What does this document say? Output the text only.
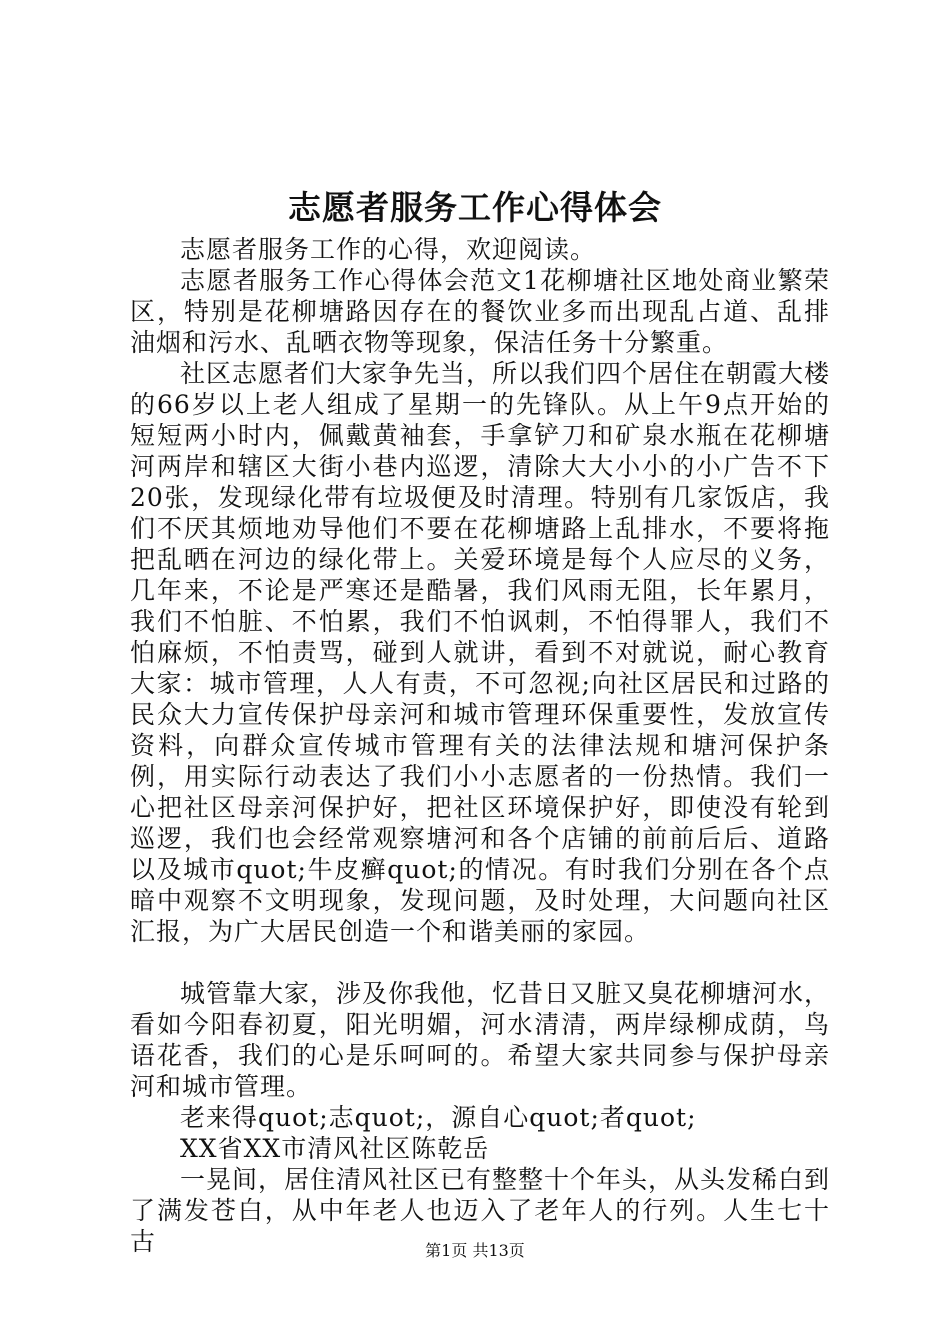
志愿者服务工作心得体会

志愿者服务工作的心得，欢迎阅读。

志愿者服务工作心得体会范文1花柳塘社区地处商业繁荣区，特别是花柳塘路因存在的餐饮业多而出现乱占道、乱排油烟和污水、乱晒衣物等现象，保洁任务十分繁重。

社区志愿者们大家争先当，所以我们四个居住在朝霞大楼的66岁以上老人组成了星期一的先锋队。从上午9点开始的短短两小时内，佩戴黄袖套，手拿铲刀和矿泉水瓶在花柳塘河两岸和辖区大街小巷内巡逻，清除大大小小的小广告不下20张，发现绿化带有垃圾便及时清理。特别有几家饭店，我们不厌其烦地劝导他们不要在花柳塘路上乱排水，不要将拖把乱晒在河边的绿化带上。关爱环境是每个人应尽的义务，几年来，不论是严寒还是酷暑，我们风雨无阻，长年累月，我们不怕脏、不怕累，我们不怕讽刺，不怕得罪人，我们不怕麻烦，不怕责骂，碰到人就讲，看到不对就说，耐心教育大家：城市管理，人人有责，不可忽视;向社区居民和过路的民众大力宣传保护母亲河和城市管理环保重要性，发放宣传资料，向群众宣传城市管理有关的法律法规和塘河保护条例，用实际行动表达了我们小小志愿者的一份热情。我们一心把社区母亲河保护好，把社区环境保护好，即使没有轮到巡逻，我们也会经常观察塘河和各个店铺的前前后后、道路以及城市quot;牛皮癣quot;的情况。有时我们分别在各个点暗中观察不文明现象，发现问题，及时处理，大问题向社区汇报，为广大居民创造一个和谐美丽的家园。

城管靠大家，涉及你我他，忆昔日又脏又臭花柳塘河水，看如今阳春初夏，阳光明媚，河水清清，两岸绿柳成荫，鸟语花香，我们的心是乐呵呵的。希望大家共同参与保护母亲河和城市管理。

老来得quot;志quot;，源自心quot;者quot;

XX省XX市清风社区陈乾岳

一晃间，居住清风社区已有整整十个年头，从头发稀白到了满发苍白，从中年老人也迈入了老年人的行列。人生七十古	第1页 共13页
